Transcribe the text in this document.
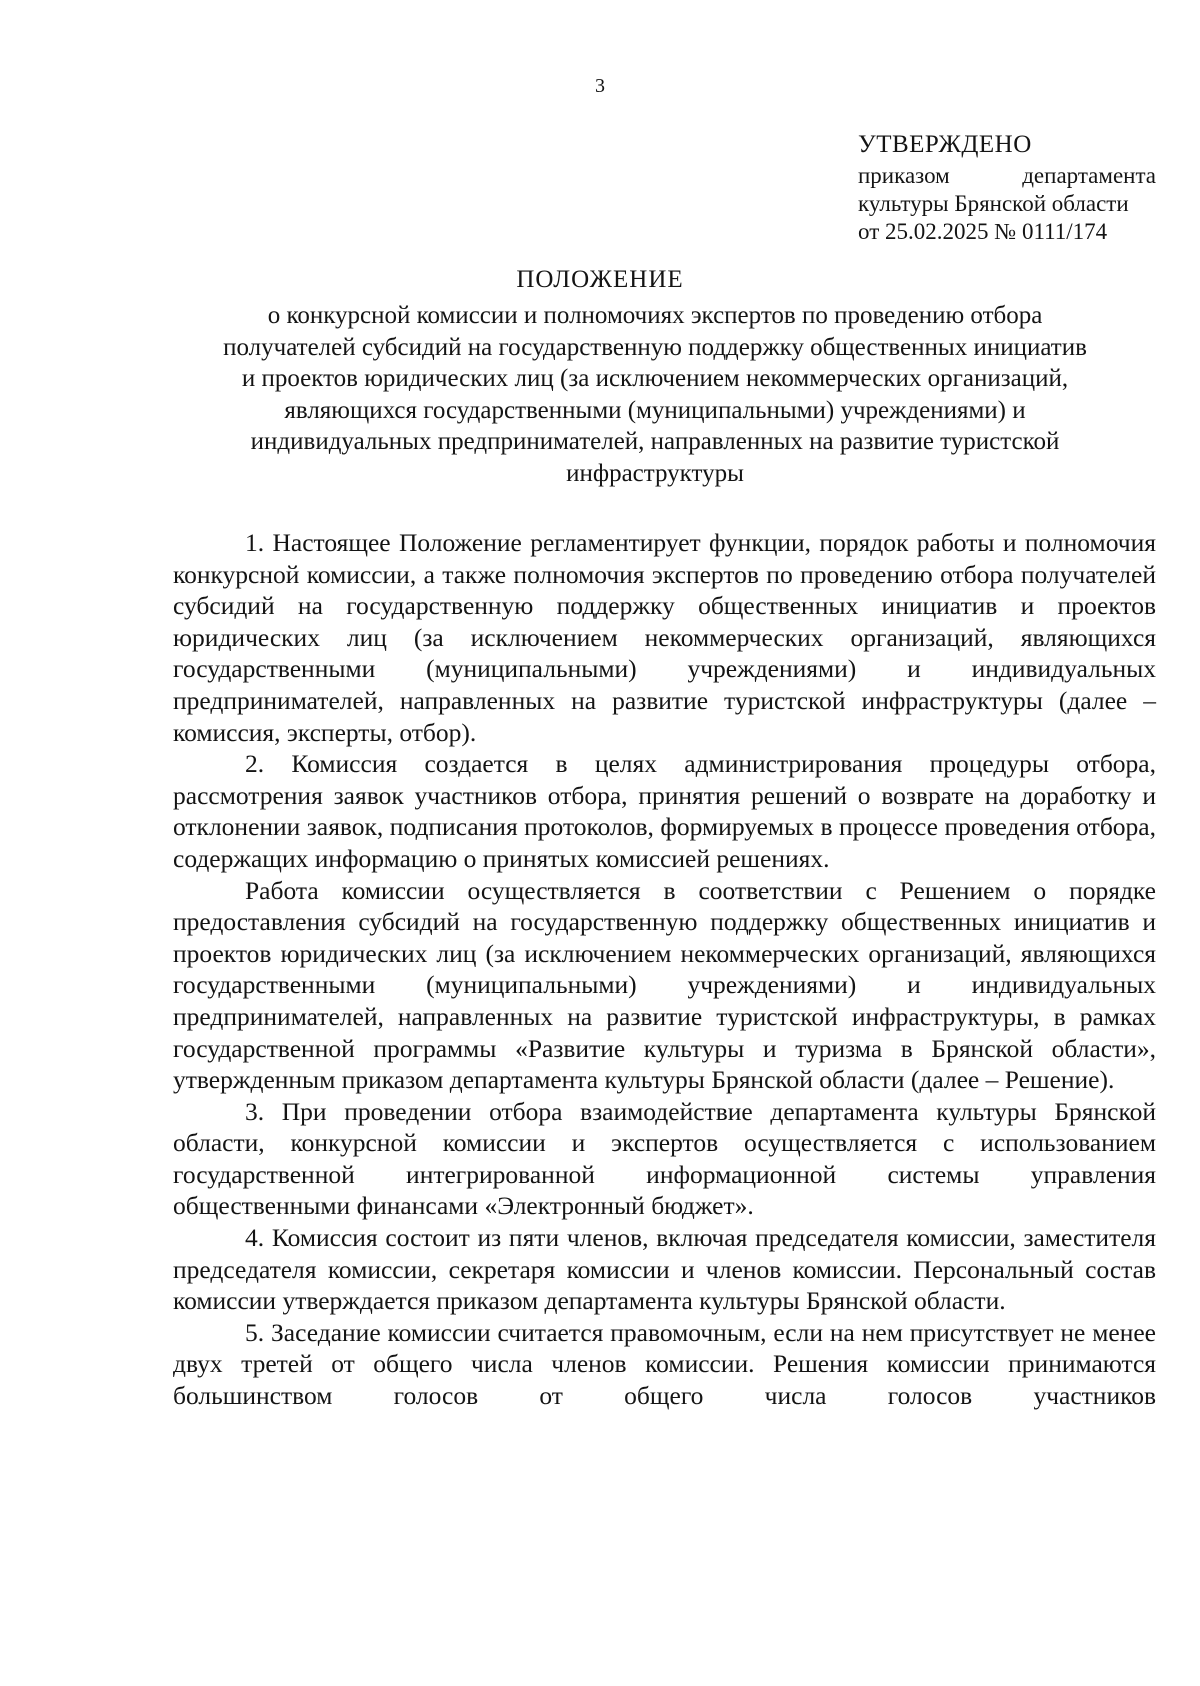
3
УТВЕРЖДЕНО
приказом департамента
культуры Брянской области
от 25.02.2025 № 0111/174
ПОЛОЖЕНИЕ
о конкурсной комиссии и полномочиях экспертов по проведению отбора
получателей субсидий на государственную поддержку общественных инициатив
и проектов юридических лиц (за исключением некоммерческих организаций,
являющихся государственными (муниципальными) учреждениями) и
индивидуальных предпринимателей, направленных на развитие туристской
инфраструктуры

1. Настоящее Положение регламентирует функции, порядок работы и полномочия конкурсной комиссии, а также полномочия экспертов по проведению отбора получателей субсидий на государственную поддержку общественных инициатив и проектов юридических лиц (за исключением некоммерческих организаций, являющихся государственными (муниципальными) учреждениями) и индивидуальных предпринимателей, направленных на развитие туристской инфраструктуры (далее – комиссия, эксперты, отбор).

2. Комиссия создается в целях администрирования процедуры отбора, рассмотрения заявок участников отбора, принятия решений о возврате на доработку и отклонении заявок, подписания протоколов, формируемых в процессе проведения отбора, содержащих информацию о принятых комиссией решениях.

Работа комиссии осуществляется в соответствии с Решением о порядке предоставления субсидий на государственную поддержку общественных инициатив и проектов юридических лиц (за исключением некоммерческих организаций, являющихся государственными (муниципальными) учреждениями) и индивидуальных предпринимателей, направленных на развитие туристской инфраструктуры, в рамках государственной программы «Развитие культуры и туризма в Брянской области», утвержденным приказом департамента культуры Брянской области (далее – Решение).

3. При проведении отбора взаимодействие департамента культуры Брянской области, конкурсной комиссии и экспертов осуществляется с использованием государственной интегрированной информационной системы управления общественными финансами «Электронный бюджет».

4. Комиссия состоит из пяти членов, включая председателя комиссии, заместителя председателя комиссии, секретаря комиссии и членов комиссии. Персональный состав комиссии утверждается приказом департамента культуры Брянской области.

5. Заседание комиссии считается правомочным, если на нем присутствует не менее двух третей от общего числа членов комиссии. Решения комиссии принимаются большинством голосов от общего числа голосов участников
